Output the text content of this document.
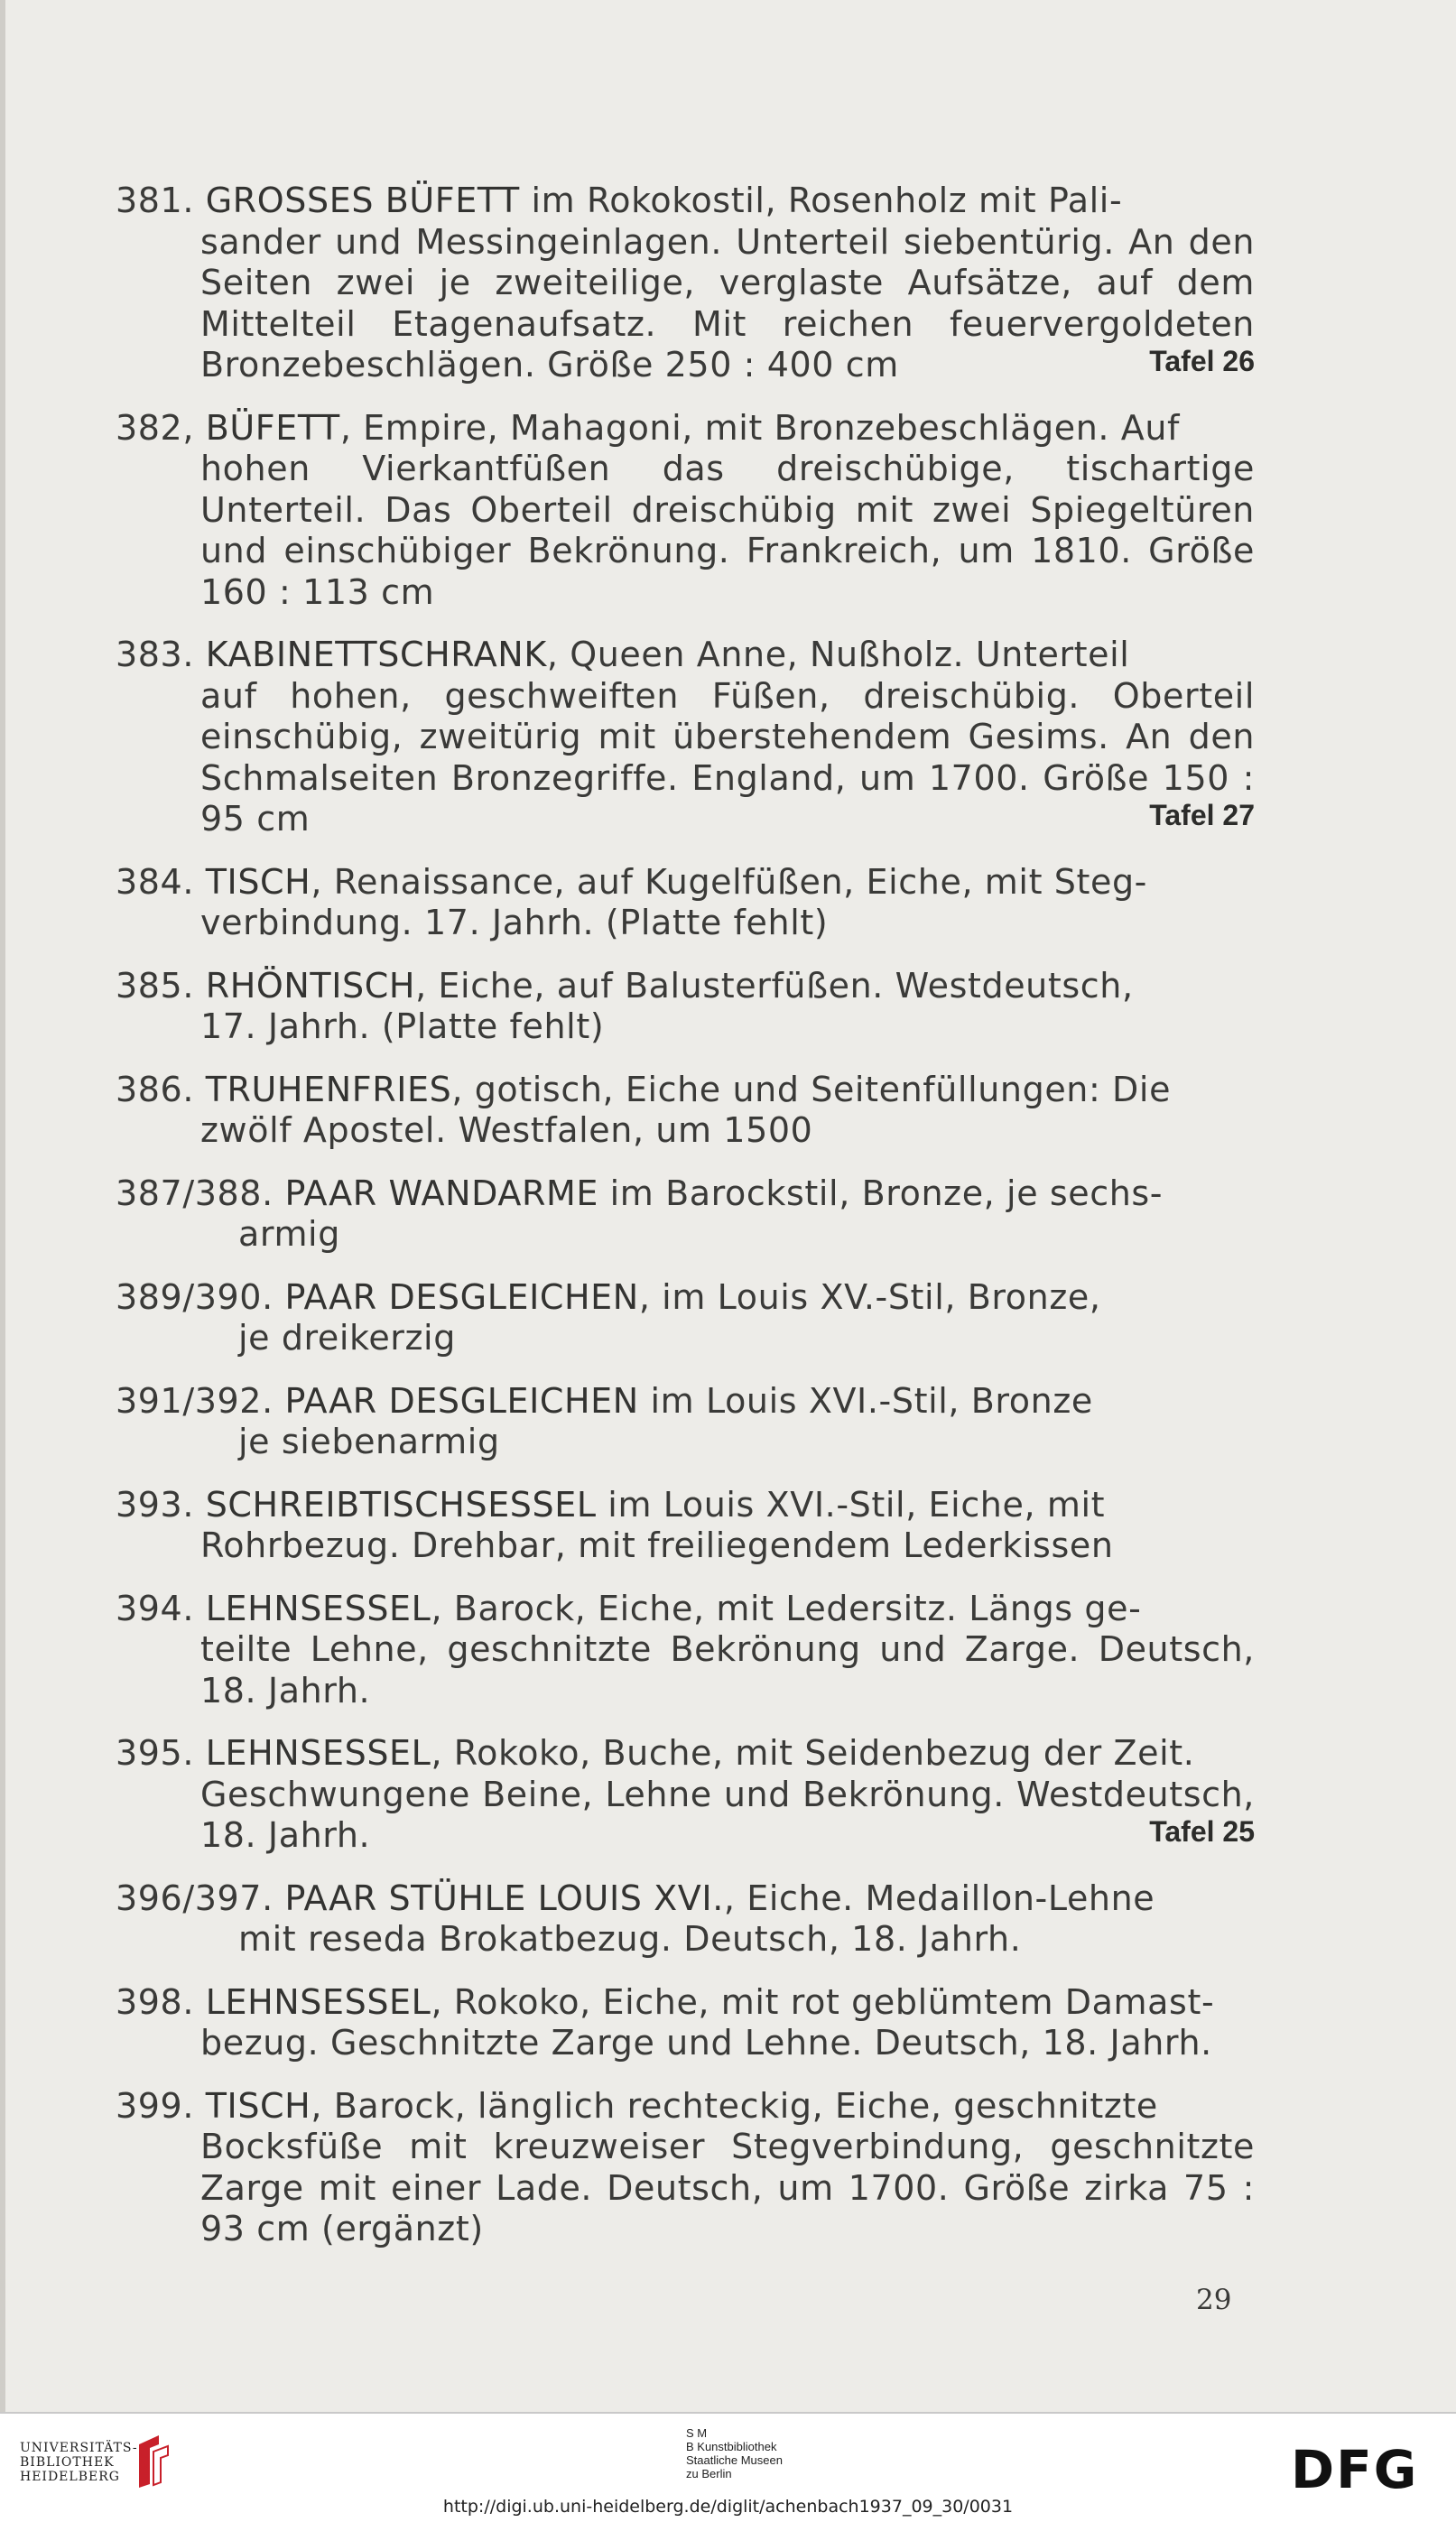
381. GROSSES BÜFETT im Rokokostil, Rosenholz mit Pali-
sander und Messingeinlagen. Unterteil siebentürig. An den Seiten zwei je zweiteilige, verglaste Aufsätze, auf dem Mittelteil Etagenaufsatz. Mit reichen feuervergoldeten Bronzebeschlägen. Größe 250 : 400 cm	Tafel 26
382, BÜFETT, Empire, Mahagoni, mit Bronzebeschlägen. Auf
hohen Vierkantfüßen das dreischübige, tischartige Unterteil. Das Oberteil dreischübig mit zwei Spiegeltüren und einschübiger Bekrönung. Frankreich, um 1810. Größe 160 : 113 cm
383. KABINETTSCHRANK, Queen Anne, Nußholz. Unterteil
auf hohen, geschweiften Füßen, dreischübig. Oberteil einschübig, zweitürig mit überstehendem Gesims. An den Schmalseiten Bronzegriffe. England, um 1700. Größe 150 : 95 cm	Tafel 27
384. TISCH, Renaissance, auf Kugelfüßen, Eiche, mit Steg-
verbindung. 17. Jahrh. (Platte fehlt)
385. RHÖNTISCH, Eiche, auf Balusterfüßen. Westdeutsch,
17. Jahrh. (Platte fehlt)
386. TRUHENFRIES, gotisch, Eiche und Seitenfüllungen: Die
zwölf Apostel. Westfalen, um 1500
387/388. PAAR WANDARME im Barockstil, Bronze, je sechs-
armig
389/390. PAAR DESGLEICHEN, im Louis XV.-Stil, Bronze,
je dreikerzig
391/392. PAAR DESGLEICHEN im Louis XVI.-Stil, Bronze
je siebenarmig
393. SCHREIBTISCHSESSEL im Louis XVI.-Stil, Eiche, mit
Rohrbezug. Drehbar, mit freiliegendem Lederkissen
394. LEHNSESSEL, Barock, Eiche, mit Ledersitz. Längs ge-
teilte Lehne, geschnitzte Bekrönung und Zarge. Deutsch, 18. Jahrh.
395. LEHNSESSEL, Rokoko, Buche, mit Seidenbezug der Zeit.
Geschwungene Beine, Lehne und Bekrönung. Westdeutsch, 18. Jahrh.	Tafel 25
396/397. PAAR STÜHLE LOUIS XVI., Eiche. Medaillon-Lehne
mit reseda Brokatbezug. Deutsch, 18. Jahrh.
398. LEHNSESSEL, Rokoko, Eiche, mit rot geblümtem Damast-
bezug. Geschnitzte Zarge und Lehne. Deutsch, 18. Jahrh.
399. TISCH, Barock, länglich rechteckig, Eiche, geschnitzte
Bocksfüße mit kreuzweiser Stegverbindung, geschnitzte Zarge mit einer Lade. Deutsch, um 1700. Größe zirka 75 : 93 cm (ergänzt)
29
UNIVERSITÄTS-
BIBLIOTHEK
HEIDELBERG
S M
B Kunstbibliothek
Staatliche Museen
zu Berlin	DFG
http://digi.ub.uni-heidelberg.de/diglit/achenbach1937_09_30/0031
